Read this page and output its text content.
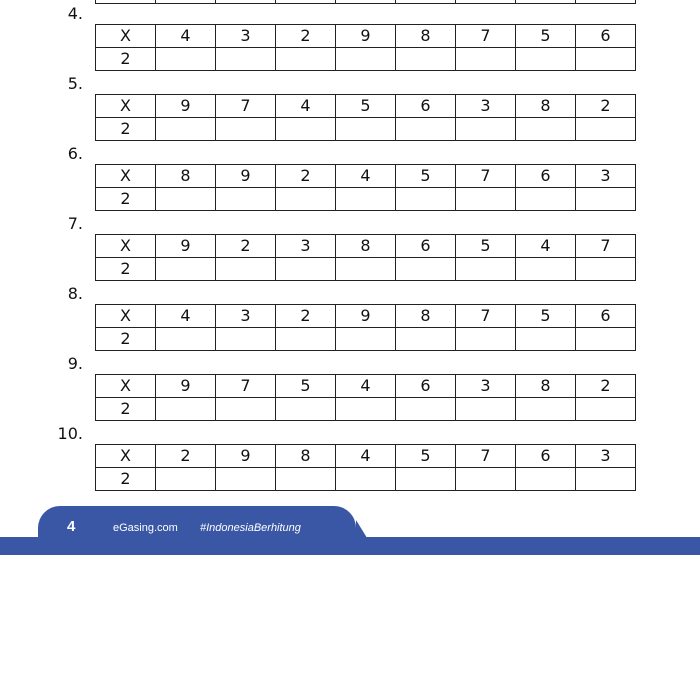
4.
X	4	3	2	9	8	7	5	6
2								
5.
X	9	7	4	5	6	3	8	2
2								
6.
X	8	9	2	4	5	7	6	3
2								
7.
X	9	2	3	8	6	5	4	7
2								
8.
X	4	3	2	9	8	7	5	6
2								
9.
X	9	7	5	4	6	3	8	2
2								
10.
X	2	9	8	4	5	7	6	3
2								
4	eGasing.com #IndonesiaBerhitung
